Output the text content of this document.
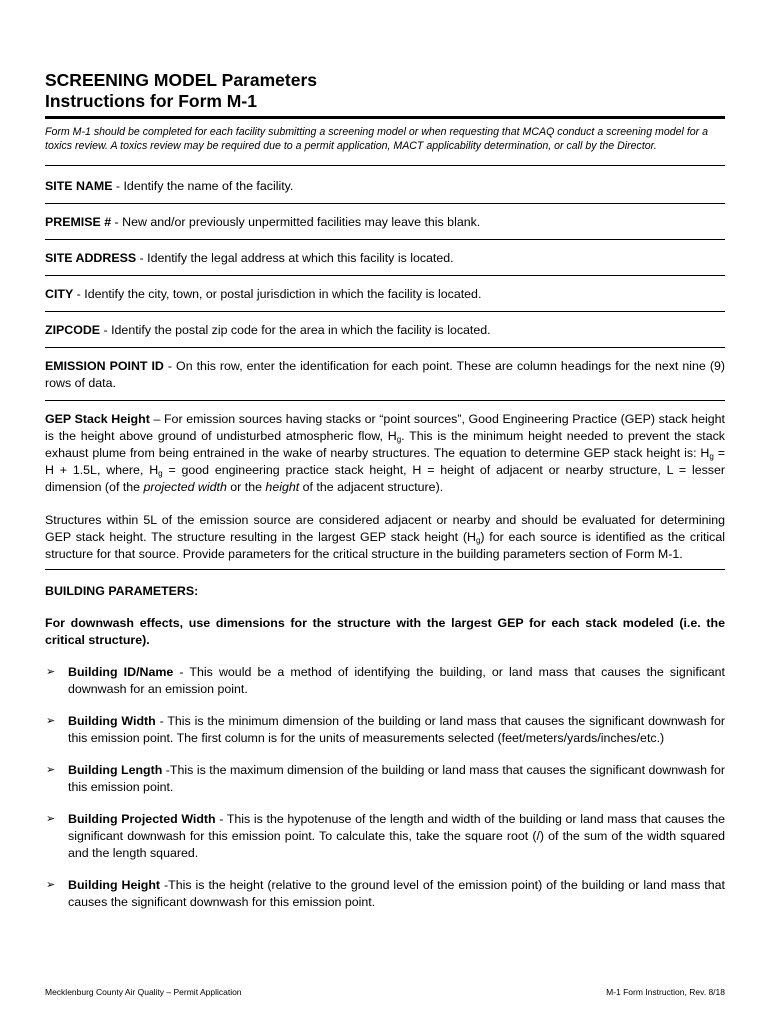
SCREENING MODEL Parameters
Instructions for Form M-1
Form M-1 should be completed for each facility submitting a screening model or when requesting that MCAQ conduct a screening model for a toxics review. A toxics review may be required due to a permit application, MACT applicability determination, or call by the Director.

SITE NAME - Identify the name of the facility.

PREMISE # - New and/or previously unpermitted facilities may leave this blank.

SITE ADDRESS - Identify the legal address at which this facility is located.

CITY - Identify the city, town, or postal jurisdiction in which the facility is located.

ZIPCODE - Identify the postal zip code for the area in which the facility is located.

EMISSION POINT ID - On this row, enter the identification for each point. These are column headings for the next nine (9) rows of data.

GEP Stack Height – For emission sources having stacks or “point sources”, Good Engineering Practice (GEP) stack height is the height above ground of undisturbed atmospheric flow, $H_g$. This is the minimum height needed to prevent the stack exhaust plume from being entrained in the wake of nearby structures. The equation to determine GEP stack height is: $H_g = H + 1.5L$, where, $H_g$ = good engineering practice stack height, H = height of adjacent or nearby structure, L = lesser dimension (of the projected width or the height of the adjacent structure).

Structures within 5L of the emission source are considered adjacent or nearby and should be evaluated for determining GEP stack height. The structure resulting in the largest GEP stack height $(H_g)$ for each source is identified as the critical structure for that source. Provide parameters for the critical structure in the building parameters section of Form M-1.

BUILDING PARAMETERS:

For downwash effects, use dimensions for the structure with the largest GEP for each stack modeled (i.e. the critical structure).

➢ Building ID/Name - This would be a method of identifying the building, or land mass that causes the significant downwash for an emission point.
➢ Building Width - This is the minimum dimension of the building or land mass that causes the significant downwash for this emission point. The first column is for the units of measurements selected (feet/meters/yards/inches/etc.)
➢ Building Length -This is the maximum dimension of the building or land mass that causes the significant downwash for this emission point.
➢ Building Projected Width - This is the hypotenuse of the length and width of the building or land mass that causes the significant downwash for this emission point. To calculate this, take the square root (/) of the sum of the width squared and the length squared.
➢ Building Height -This is the height (relative to the ground level of the emission point) of the building or land mass that causes the significant downwash for this emission point.
Mecklenburg County Air Quality – Permit Application	M-1 Form Instruction, Rev. 8/18
